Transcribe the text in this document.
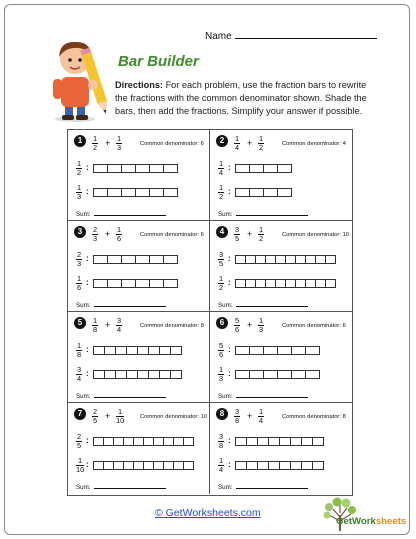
Name
Bar Builder
Directions: For each problem, use the fraction bars to rewrite the fractions with the common denominator shown. Shade the bars, then add the fractions. Simplify your answer if possible.
1	1
2 + 1
3	Common denominator: 6
1
2
:
1
3
:
Sum:
2	1
4 + 1
2	Common denominator: 4
1
4
:
1
2
:
Sum:
3	2
3 + 1
6	Common denominator: 6
2
3
:
1
6
:
Sum:
4	3
5 + 1
2	Common denominator: 10
3
5
:
1
2
:
Sum:
5	1
8 + 3
4	Common denominator: 8
1
8
:
3
4
:
Sum:
6	5
6 + 1
3	Common denominator: 6
5
6
:
1
3
:
Sum:
7	2
5 + 1
10	Common denominator: 10
2
5
:
1
10
:
Sum:
8	3
8 + 1
4	Common denominator: 8
3
8
:
1
4
:
Sum:
© GetWorksheets.com
GetWorksheets
